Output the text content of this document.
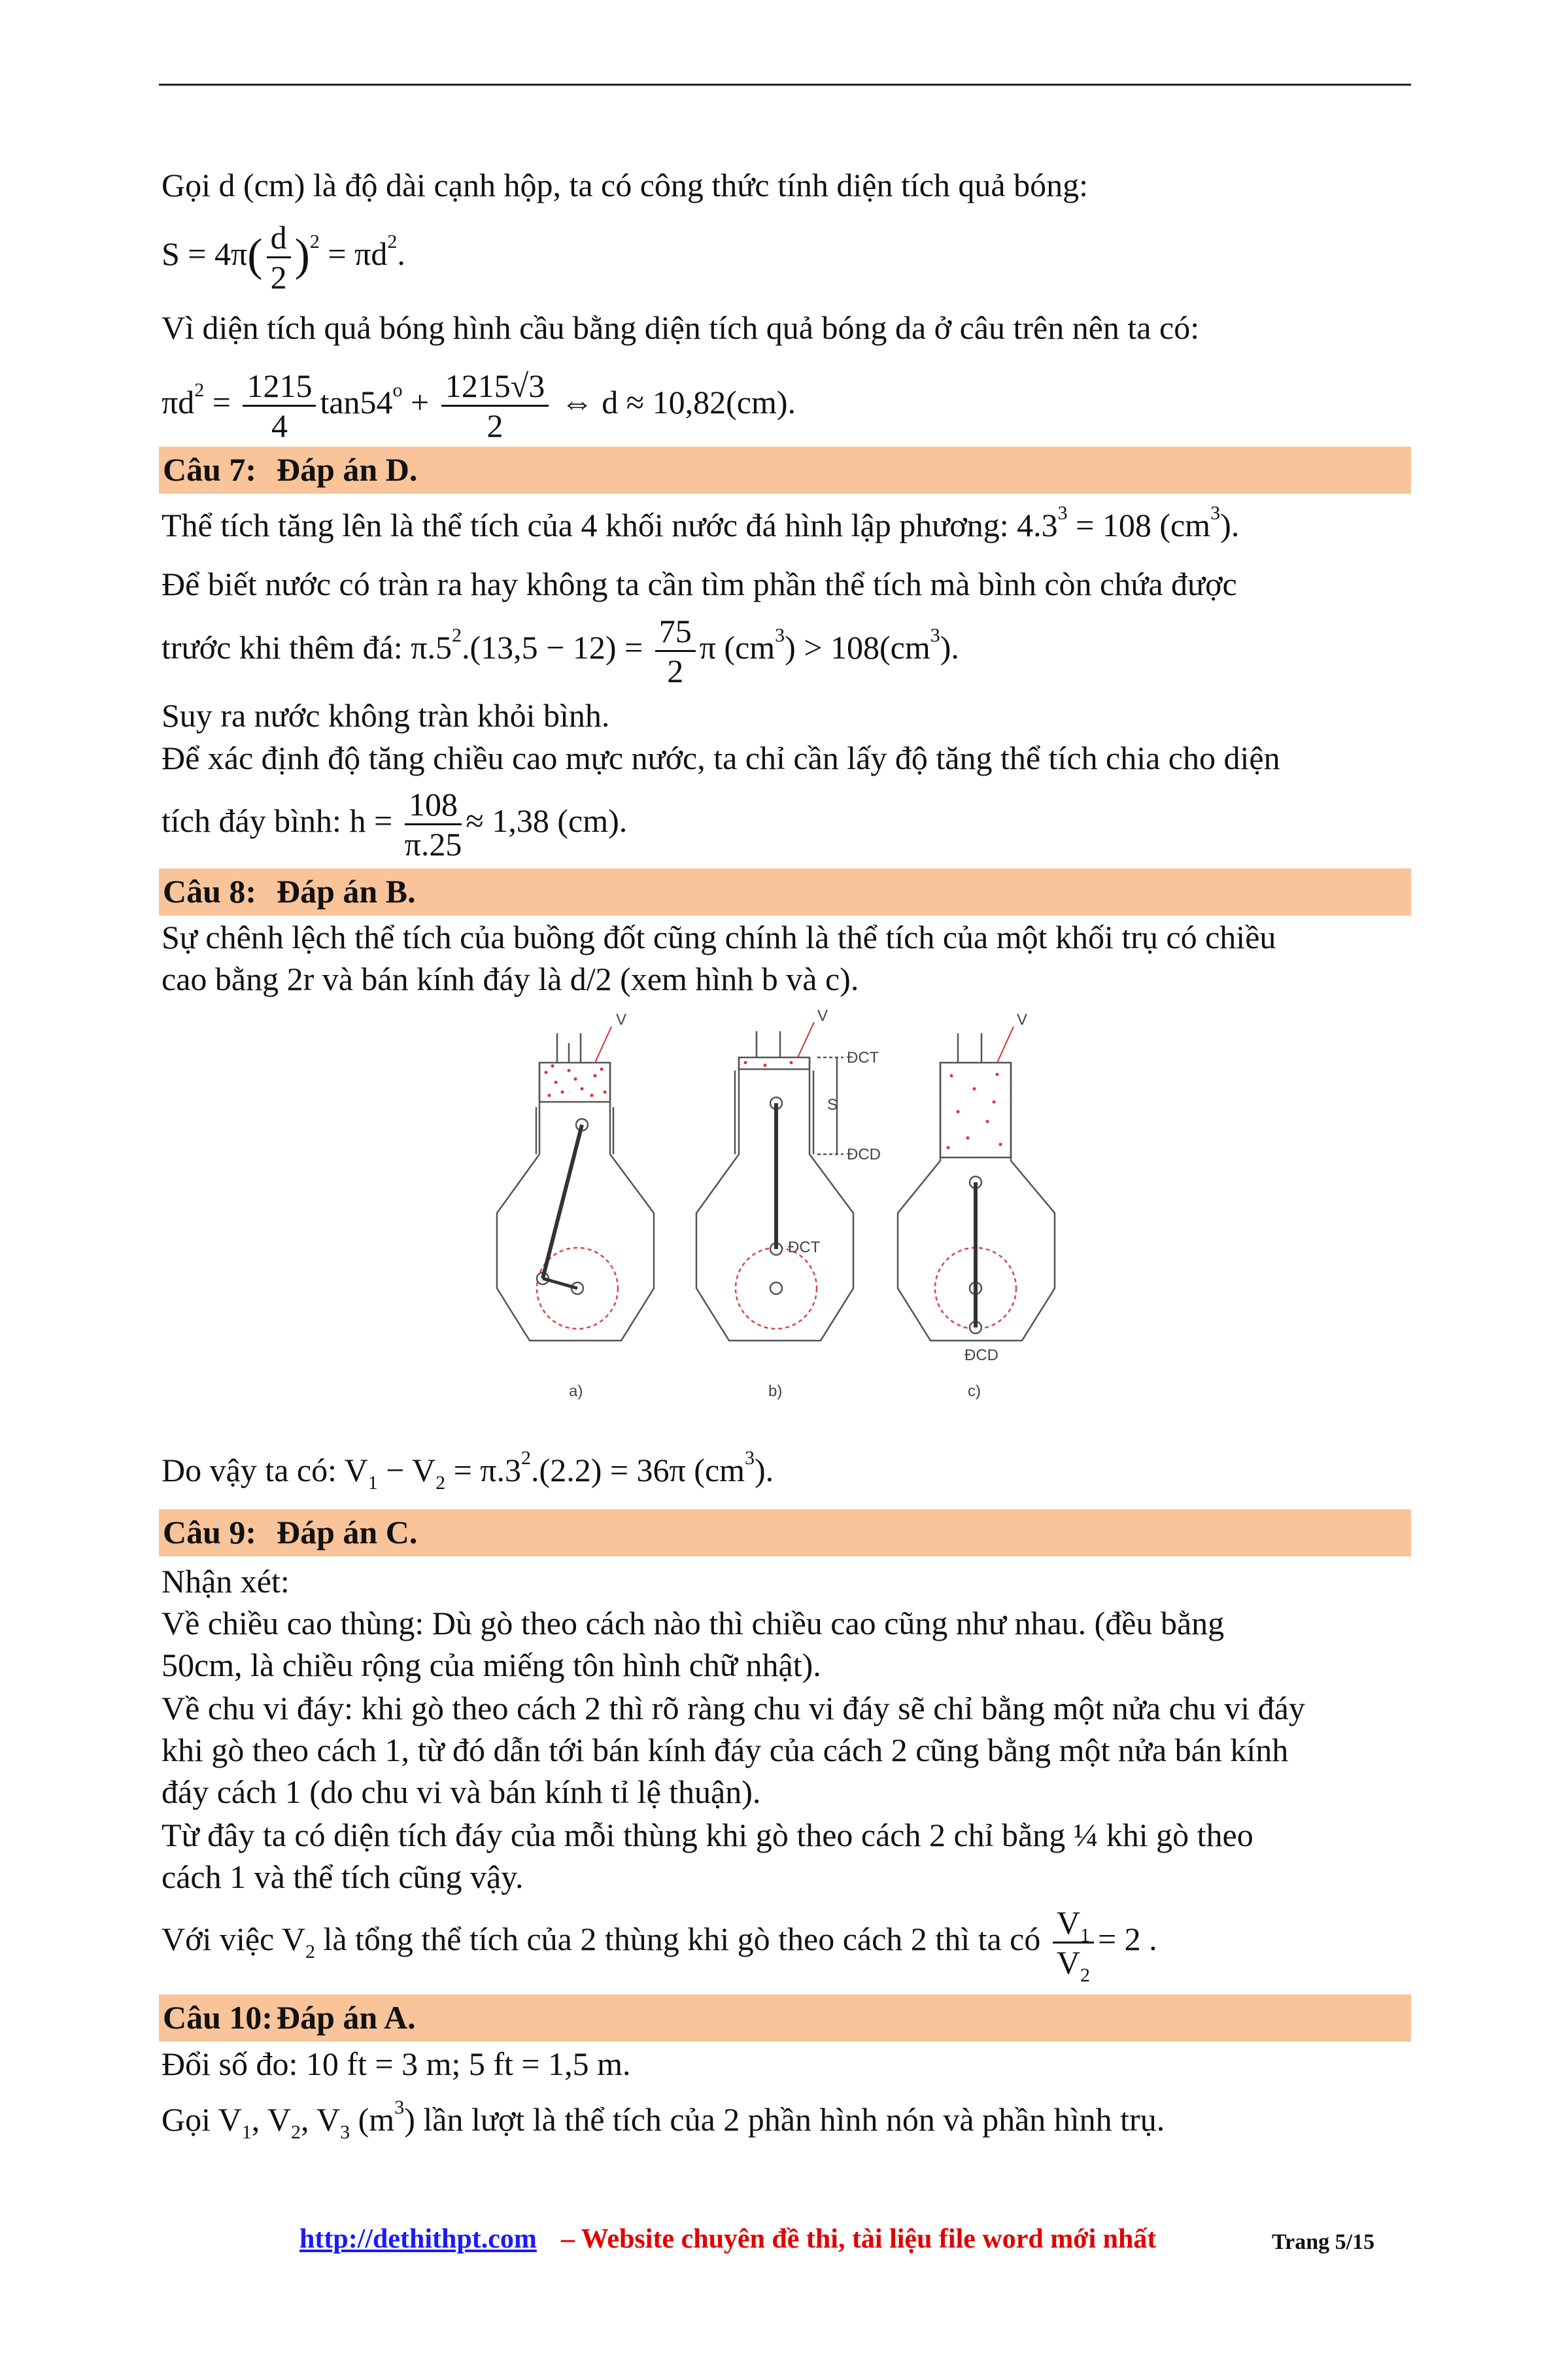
Gọi d (cm) là độ dài cạnh hộp, ta có công thức tính diện tích quả bóng:
$S = 4\pi( \frac{d}{2} )^2 = \pi d^2$.
Vì diện tích quả bóng hình cầu bằng diện tích quả bóng da ở câu trên nên ta có:
$\pi d^2 = \frac{1215}{4} \tan 54^o + \frac{1215√3}{2}$ ⇔ d ≈ 10,82(cm).
Câu 7: Đáp án D.
Thể tích tăng lên là thể tích của 4 khối nước đá hình lập phương: $4.3^3 = 108$ $(cm^3)$.
Để biết nước có tràn ra hay không ta cần tìm phần thể tích mà bình còn chứa được
trước khi thêm đá: $\pi.5^2.(13,5 - 12) = \frac{75}{2}$ π $(cm^3) > 108(cm^3)$.
Suy ra nước không tràn khỏi bình.
Để xác định độ tăng chiều cao mực nước, ta chỉ cần lấy độ tăng thể tích chia cho diện
tích đáy bình: $h = \frac{108}{\pi.25} \approx 1,38$ (cm).
Câu 8: Đáp án B.
Sự chênh lệch thể tích của buồng đốt cũng chính là thể tích của một khối trụ có chiều
cao bằng 2r và bán kính đáy là d/2 (xem hình b và c).
a)	b)	c)
V	V	V
ĐCT
ĐCD
S
ĐCT
ĐCD
Do vậy ta có: $V_1 - V_2 = \pi.3^2.(2.2) = 36\pi$ $(cm^3)$.
Câu 9: Đáp án C.
Nhận xét:
Về chiều cao thùng: Dù gò theo cách nào thì chiều cao cũng như nhau. (đều bằng
50cm, là chiều rộng của miếng tôn hình chữ nhật).
Về chu vi đáy: khi gò theo cách 2 thì rõ ràng chu vi đáy sẽ chỉ bằng một nửa chu vi đáy
khi gò theo cách 1, từ đó dẫn tới bán kính đáy của cách 2 cũng bằng một nửa bán kính
đáy cách 1 (do chu vi và bán kính tỉ lệ thuận).
Từ đây ta có diện tích đáy của mỗi thùng khi gò theo cách 2 chỉ bằng ¼ khi gò theo
cách 1 và thể tích cũng vậy.
Với việc $V_2$ là tổng thể tích của 2 thùng khi gò theo cách 2 thì ta có $\frac{V_1}{V_2} = 2$ .
Câu 10: Đáp án A.
Đổi số đo: 10 ft = 3 m; 5 ft = 1,5 m.
Gọi $V_1$, $V_2$, $V_3$ $(m^3)$ lần lượt là thể tích của 2 phần hình nón và phần hình trụ.
http://dethithpt.com – Website chuyên đề thi, tài liệu file word mới nhất	Trang 5/15
